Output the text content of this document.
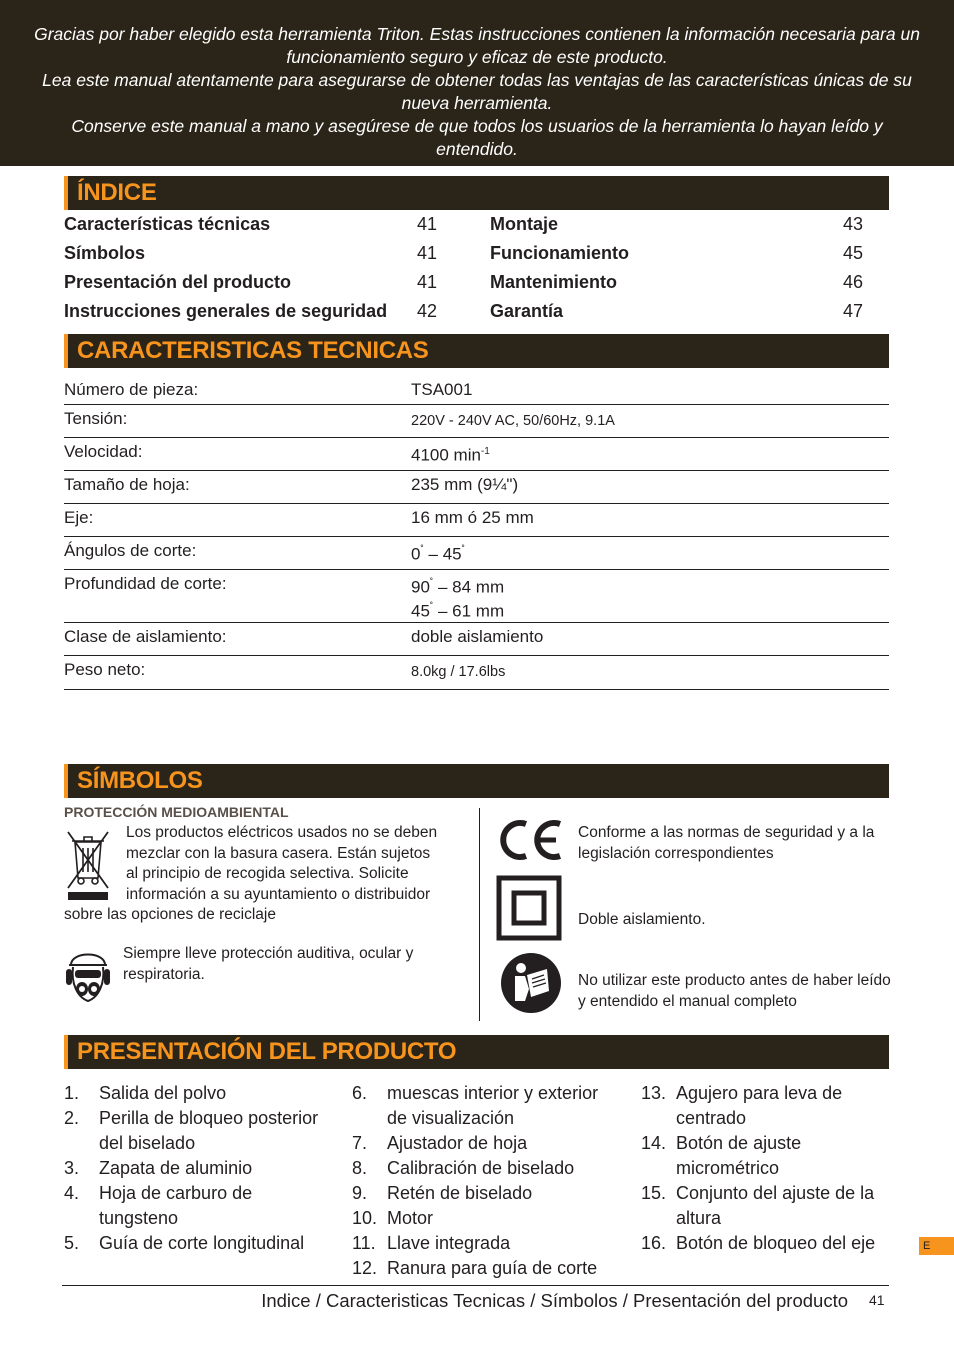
Gracias por haber elegido esta herramienta Triton. Estas instrucciones contienen la información necesaria para un funcionamiento seguro y eficaz de este producto.

Lea este manual atentamente para asegurarse de obtener todas las ventajas de las características únicas de su nueva herramienta.

Conserve este manual a mano y asegúrese de que todos los usuarios de la herramienta lo hayan leído y entendido.

ÍNDICE
Características técnicas	41
Símbolos	41
Presentación del producto	41
Instrucciones generales de seguridad	42
Montaje	43
Funcionamiento	45
Mantenimiento	46
Garantía	47
CARACTERISTICAS TECNICAS
Número de pieza:	TSA001
Tensión:	220V - 240V AC, 50/60Hz, 9.1A
Velocidad:	4100 $\min^{-1}$
Tamaño de hoja:	235 mm (9¼")
Eje:	16 mm ó 25 mm
Ángulos de corte:	0˚ – 45˚
Profundidad de corte:	90˚ – 84 mm
45˚ – 61 mm
Clase de aislamiento:	doble aislamiento
Peso neto:	8.0kg / 17.6lbs
SÍMBOLOS
PROTECCIÓN MEDIOAMBIENTAL
Los productos eléctricos usados no se deben
mezclar con la basura casera. Están sujetos
al principio de recogida selectiva. Solicite
información a su ayuntamiento o distribuidor
sobre las opciones de reciclaje
Siempre lleve protección auditiva, ocular y
respiratoria.
Conforme a las normas de seguridad y a la
legislación correspondientes
Doble aislamiento.
No utilizar este producto antes de haber leído
y entendido el manual completo
PRESENTACIÓN DEL PRODUCTO
1. Salida del polvo
2. Perilla de bloqueo posterior
del biselado
3. Zapata de aluminio
4. Hoja de carburo de
tungsteno
5. Guía de corte longitudinal
6. muescas interior y exterior
de visualización
7. Ajustador de hoja
8. Calibración de biselado
9. Retén de biselado
10. Motor
11. Llave integrada
12. Ranura para guía de corte
13. Agujero para leva de
centrado
14. Botón de ajuste
micrométrico
15. Conjunto del ajuste de la
altura
16. Botón de bloqueo del eje
Indice / Caracteristicas Tecnicas / Símbolos / Presentación del producto 41
E
